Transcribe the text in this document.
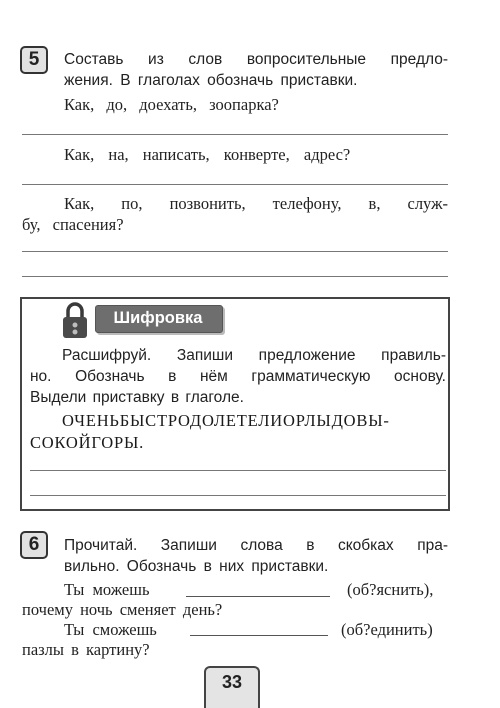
5	Составь из слов вопросительные предло-
жения. В глаголах обозначь приставки.
Как, до, доехать, зоопарка?
Как, на, написать, конверте, адрес?
Как, по, позвонить, телефону, в, служ-
бу, спасения?
Шифровка
Расшифруй. Запиши предложение правиль-
но. Обозначь в нём грамматическую основу.
Выдели приставку в глаголе.
ОЧЕНЬБЫСТРОДОЛЕТЕЛИОРЛЫДОВЫ-
СОКОЙГОРЫ.
6	Прочитай. Запиши слова в скобках пра-
вильно. Обозначь в них приставки.
Ты можешь	(об?яснить),
почему ночь сменяет день?
Ты сможешь	(об?единить)
пазлы в картину?
33
